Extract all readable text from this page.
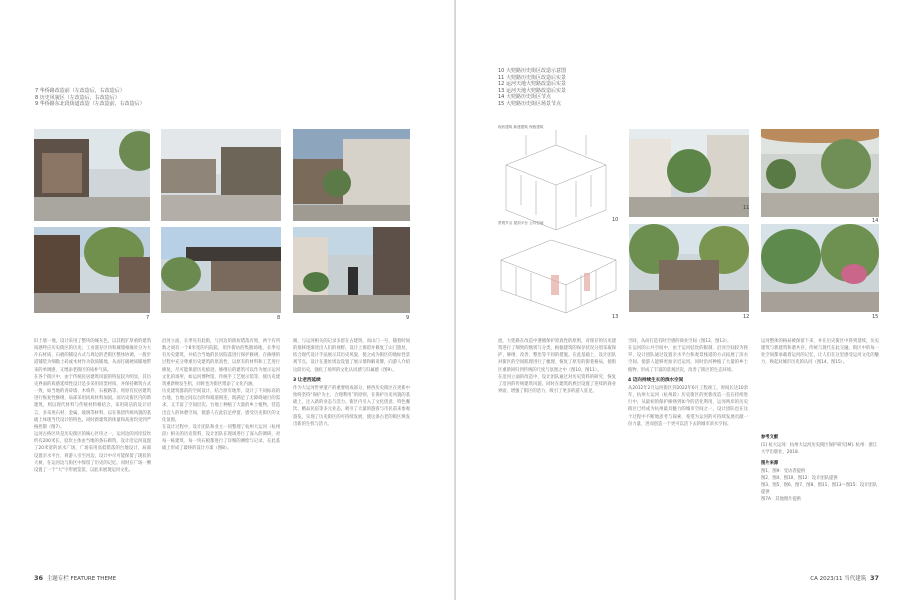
7 华侨路改造前（左改造后，右改造后）
8 历史风貌区（左改造后，右改造后）
9 华侨路东北段街道改造（左改造前，右改造后）
7	8	9

旧土墙一地，设计采用了整块的城灰色，以其粗犷厚重的建筑质感呼应历史街区的历史；工业遗存区块和城墙相缘处分为大片石材质，石板的铺设方式与周边的老街区整体协调，一般步道铺装为细黏土砖或木材作为软质铺地，从而打破硬质铺地带来的单调感，又增添老街区的质朴气质。

在各个街区中，由于传统民居建筑风貌的特征较为明显，其历史界面的质感延续性设计是多采用同类材质，并保持砌筑方式一致，如当地的青砖墙、木构件、石板路等。将原有民居建筑进行恢复性修缮，局部采用同质材料加固。而历史街区内的新建筑，则以现代材料与传统材料相结合，采用简洁的设计语言，多采用石材、金属、玻璃等材料，以在保留传统风貌的基础上体现当代设计的特色。同时新建筑的体量和高度均受到严格控制（图7）。

运河古桥区块是历史街区的核心区块之一，运河边的河岸驳坎约有200米长，驳坎主体由当地的条石砌筑，设计沿运河设置了20米宽的滨水广场，广场采用高低错落的台地设计，局部设置亲水平台，将游人引至河边，设计中尽可能保留了现状的大树，在运河边与街区中保留了历史的记忆。同时在广场一侧设置了一个“大”字形展览馆，以此来展现运河文化。

沿河立面，长季见有此街，与河边的街坊错落有致，两个有所数之间有一个8米宽的内院院，用作街坊的集散场地，长季见有历史建筑，并结合当地的民居院落进行保护修缮，在修缮的过程中充分尊重历史建筑的原真性，以原有的材料和工艺进行修复，尽可能保留历史痕迹，修缮后的建筑可以作为展示运河文化的场所，如运河博物馆、传统手工艺展示馆等，使历史建筑重新焕发生机，同时也为街区增添了文化内涵。

历史建筑群前的空间设计，结合原有地形，设计了不同标高的台地，台地之间以台阶和坡道相连，既满足了无障碍通行的需求，又丰富了空间层次。台地上种植了大量的乡土植物，营造出宜人的休憩空间，使游人在此驻足停留，感受历史街区的文化氛围。

在设计过程中，设计团队和业主一同整理了杭州大运河（杭州段）相关的历史资料，设计团队在现场进行了深入的调研，对每一栋建筑、每一块石板都进行了详细的测绘与记录，在此基础上形成了最终的设计方案（图8）。

阁，与运河相关的记录多留在古建筑，而山门一号，随着时间的推移逐渐淡出人们的视野。设计上保留并修复了山门遗址，结合现代设计手法展示其历史风貌，使之成为街区的地标性景观节点，设计在遗址周边设置了展示墙和解说牌，向游人介绍这段历史，强化了场所的文化认同感与归属感（图9）。

3 让老西延续

作为大运河世界遗产的重要组成部分，桥西历史街区在更新中始终坚持“保护为主、合理利用”的原则，在保护历史风貌的基础上，注入新的业态与活力。街区内引入了文化创意、特色餐饮、精品民宿等多元业态，吸引了大量的游客与市民前来参观游览，实现了历史街区的可持续发展，使这条古老的街区焕发出新的生机与活力。

36 主题专栏 FEATURE THEME
10 大兜路历史街区改造示意图
11 大兜路历史街区改造后实景
12 运河天地大兜路改造后实景
13 运河天地大兜路改造后实景
14 大兜路历史街区节点
15 大兜路历史街区场景节点
现状建筑 新建建筑 保留建筑
景观节点 屋顶平台 公共空间	10
11
12
13
14
15

流，大兜路在改造中遵循保护原真性的原则，对现存的历史建筑进行了细致的甄别与分类，根据建筑的保存状况分别采取保护、修缮、改善、整治等不同的措施。在此基础上，设计团队对街区的空间肌理进行了梳理，恢复了原有的街巷格局，使街区重新回归到传统的尺度与氛围之中（图10，图11）。

在沿河立面的改造中，设计团队通过对历史资料的研究，恢复了沿河的传统建筑风貌。同时在建筑的底层设置了连续的商业界面，增强了街区的活力，吸引了更多的游人驻足。

空间，从而打造有时空感的商业空间（图12，图13）。

在运河的公共空间中，由于运河驳坎的限制，沿河空间较为狭窄，设计团队通过设置亲水平台和观景栈道的方式拓展了滨水空间，使游人能够更加亲近运河。同时沿河种植了大量的乡土植物，形成了丰富的景观层次，改善了街区的生态环境。

4 迈向持续生长的滨水空间

从2012年2月运河街区到2022年6月工程竣工，时间长达10余年，杭州大运河（杭州段）历史街区的更新改造一直在持续进行中，从最初的保护修缮到如今的活化利用，运河两岸的历史街区已经成为杭州最具魅力的城市空间之一，设计团队也在这个过程中不断地思考与探索，希望为运河的可持续发展贡献一份力量，进而创造一个更可以活下去的城市滨水空间。

运河整体的格局被保留下来，并在历史街区中得到延续，历史建筑与新建筑和谐共存，传统与现代在此交融，街区中的每一处空间都承载着运河的记忆，让人们在这里感受运河文化的魅力，唤起对城市历史的认同（图14，图15）。

参考文献
[1] 杭大运河：杭州大运河历史街区保护研究[M]. 杭州：浙江大学出版社，2018.
图片来源
图1、图9：受访者提供
图2、图4、图10、图12：设计团队提供
图3、图5、图6、图7、图8、图11、图13～图15：设计团队提供
图7A：其他图片提供
CA 2023/11 当代建筑 37
